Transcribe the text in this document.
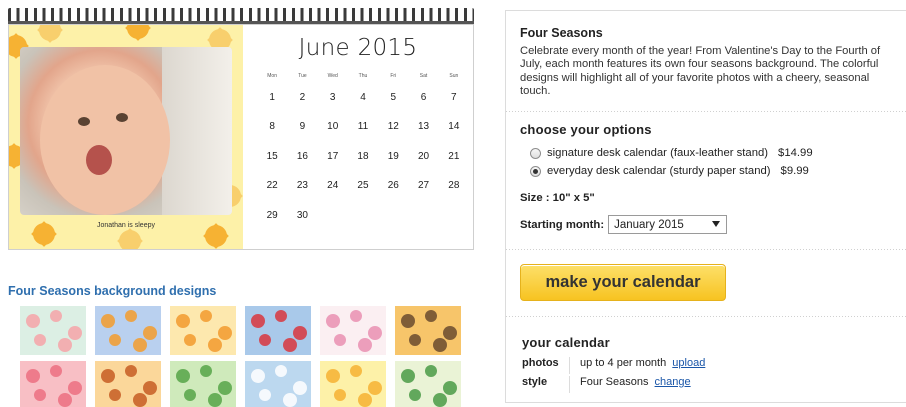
Jonathan is sleepy
June 2015
Mon	Tue	Wed	Thu	Fri	Sat	Sun
1	2	3	4	5	6	7
8	9	10	11	12	13	14
15	16	17	18	19	20	21
22	23	24	25	26	27	28
29	30
Four Seasons background designs
Four Seasons
Celebrate every month of the year! From Valentine's Day to the Fourth of July, each month features its own four seasons background. The colorful designs will highlight all of your favorite photos with a cheery, seasonal touch.
choose your options
signature desk calendar (faux-leather stand) $14.99
everyday desk calendar (sturdy paper stand) $9.99
Size : 10" x 5"
Starting month: January 2015
make your calendar
your calendar
photos	up to 4 per month upload
style	Four Seasons change
